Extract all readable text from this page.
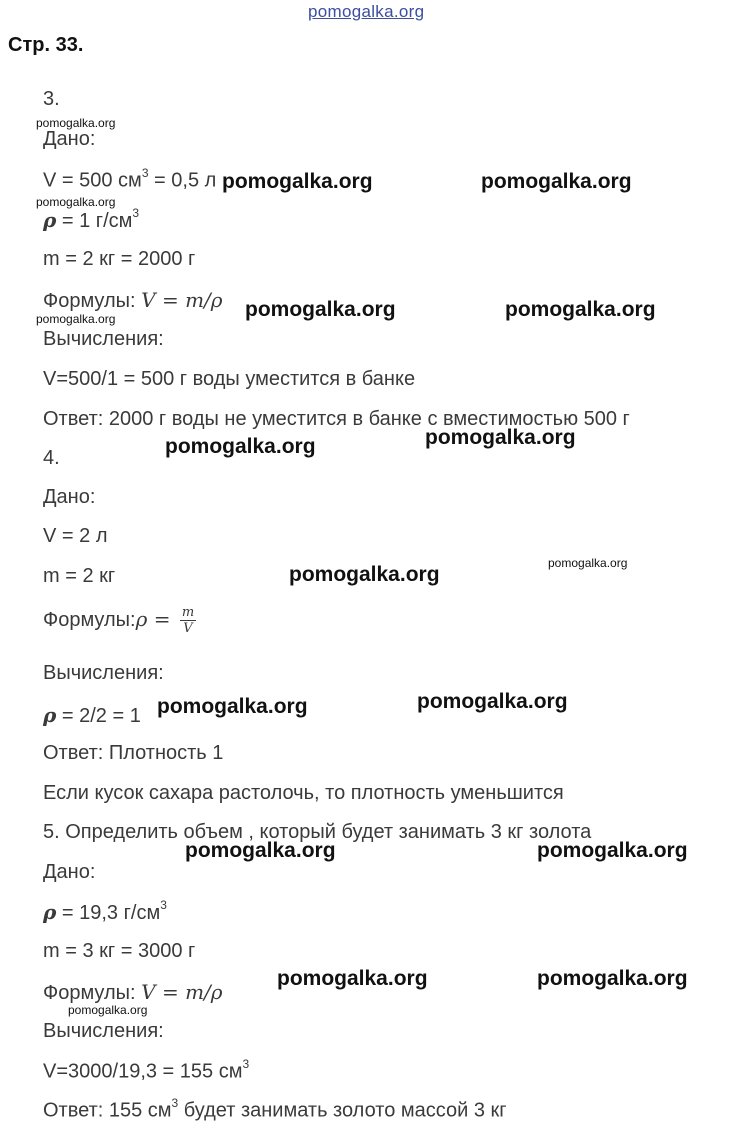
pomogalka.org
Стр. 33.
3.
Дано:
V = 500 $см^3 = 0,5$ л
ρ = 1 $г/см^3$
m = 2 кг = 2000 г
Формулы: V = m/ρ
Вычисления:
V=500/1 = 500 г воды уместится в банке
Ответ: 2000 г воды не уместится в банке с вместимостью 500 г
4.
Дано:
V = 2 л
m = 2 кг
Формулы:ρ = $\frac{m}{V}$
Вычисления:
ρ = 2/2 = 1
Ответ: Плотность 1
Если кусок сахара растолочь, то плотность уменьшится
5. Определить объем , который будет занимать 3 кг золота
Дано:
ρ = 19,3 $г/см^3$
m = 3 кг = 3000 г
Формулы: V = m/ρ
Вычисления:
V=3000/19,3 = 155 $см^3$
Ответ: 155 $см^3$ будет занимать золото массой 3 кг
pomogalka.org
pomogalka.org
pomogalka.org
pomogalka.org
pomogalka.org
pomogalka.org	pomogalka.org
pomogalka.org	pomogalka.org
pomogalka.org	pomogalka.org
pomogalka.org
pomogalka.org	pomogalka.org
pomogalka.org	pomogalka.org
pomogalka.org	pomogalka.org
